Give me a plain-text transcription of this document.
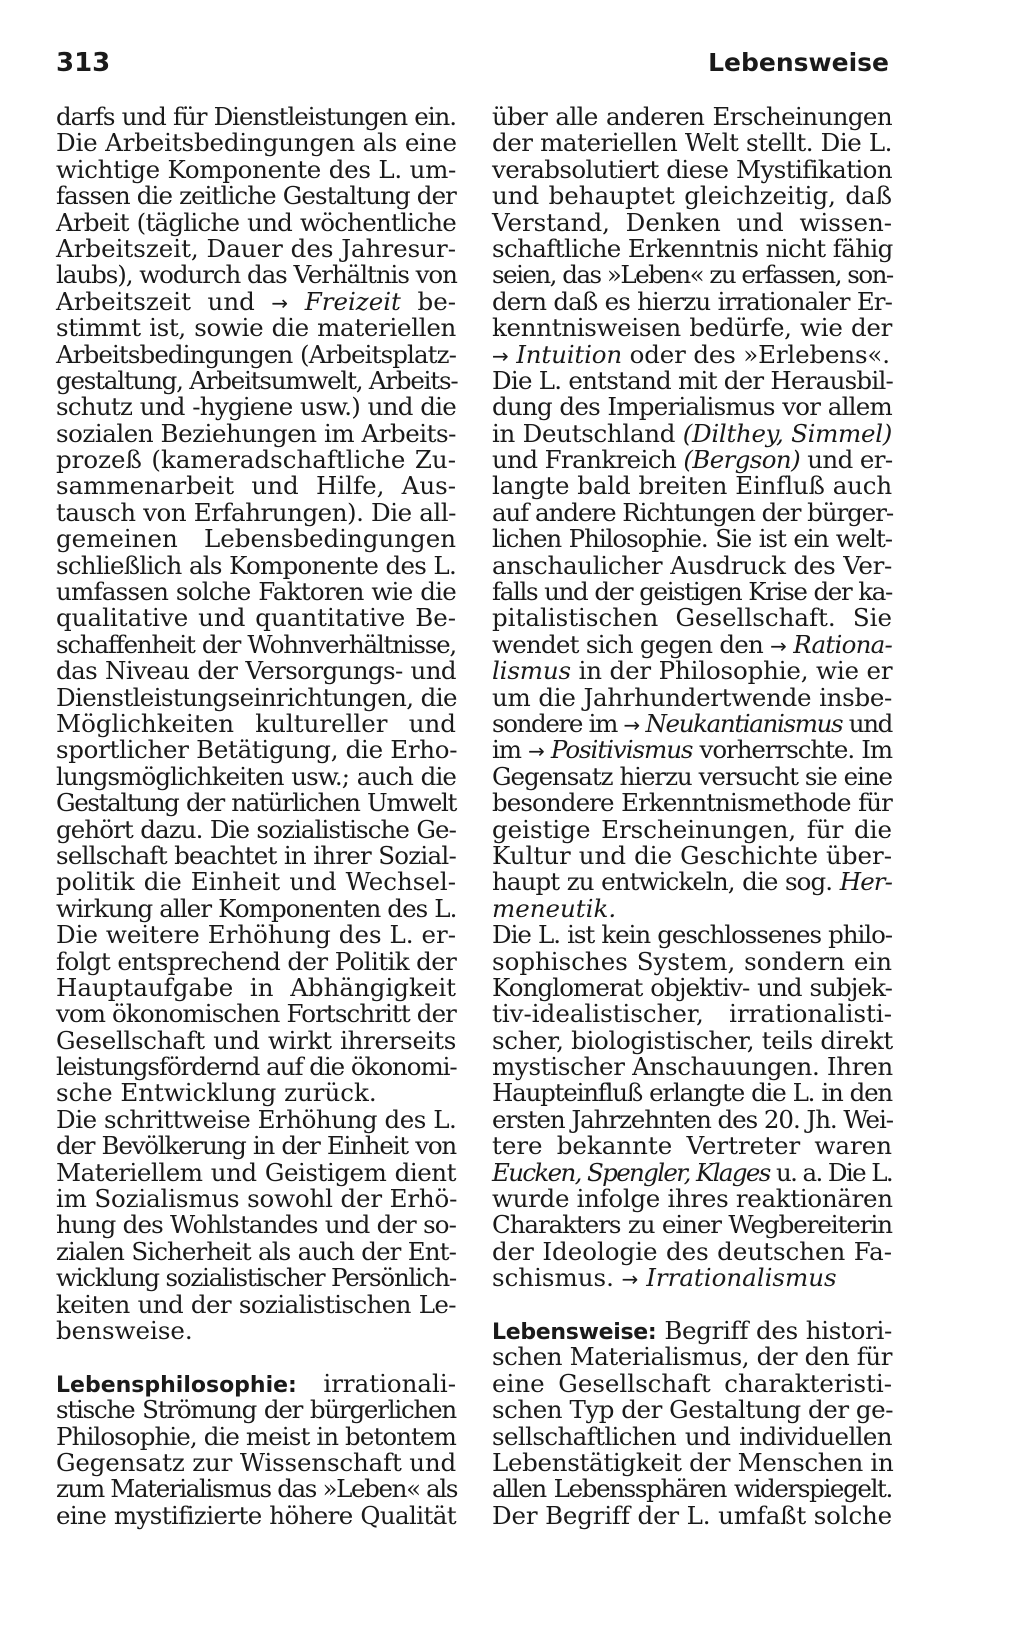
313	Lebensweise
darfs und für Dienstleistungen ein.
Die Arbeitsbedingungen als eine
wichtige Komponente des L. um-
fassen die zeitliche Gestaltung der
Arbeit (tägliche und wöchentliche
Arbeitszeit, Dauer des Jahresur-
laubs), wodurch das Verhältnis von
Arbeitszeit und → Freizeit be-
stimmt ist, sowie die materiellen
Arbeitsbedingungen (Arbeitsplatz-
gestaltung, Arbeitsumwelt, Arbeits-
schutz und -hygiene usw.) und die
sozialen Beziehungen im Arbeits-
prozeß (kameradschaftliche Zu-
sammenarbeit und Hilfe, Aus-
tausch von Erfahrungen). Die all-
gemeinen Lebensbedingungen
schließlich als Komponente des L.
umfassen solche Faktoren wie die
qualitative und quantitative Be-
schaffenheit der Wohnverhältnisse,
das Niveau der Versorgungs- und
Dienstleistungseinrichtungen, die
Möglichkeiten kultureller und
sportlicher Betätigung, die Erho-
lungsmöglichkeiten usw.; auch die
Gestaltung der natürlichen Umwelt
gehört dazu. Die sozialistische Ge-
sellschaft beachtet in ihrer Sozial-
politik die Einheit und Wechsel-
wirkung aller Komponenten des L.
Die weitere Erhöhung des L. er-
folgt entsprechend der Politik der
Hauptaufgabe in Abhängigkeit
vom ökonomischen Fortschritt der
Gesellschaft und wirkt ihrerseits
leistungsfördernd auf die ökonomi-
sche Entwicklung zurück.
Die schrittweise Erhöhung des L.
der Bevölkerung in der Einheit von
Materiellem und Geistigem dient
im Sozialismus sowohl der Erhö-
hung des Wohlstandes und der so-
zialen Sicherheit als auch der Ent-
wicklung sozialistischer Persönlich-
keiten und der sozialistischen Le-
bensweise.
Lebensphilosophie: irrationali-
stische Strömung der bürgerlichen
Philosophie, die meist in betontem
Gegensatz zur Wissenschaft und
zum Materialismus das »Leben« als
eine mystifizierte höhere Qualität
über alle anderen Erscheinungen
der materiellen Welt stellt. Die L.
verabsolutiert diese Mystifikation
und behauptet gleichzeitig, daß
Verstand, Denken und wissen-
schaftliche Erkenntnis nicht fähig
seien, das »Leben« zu erfassen, son-
dern daß es hierzu irrationaler Er-
kenntnisweisen bedürfe, wie der
→ Intuition oder des »Erlebens«.
Die L. entstand mit der Herausbil-
dung des Imperialismus vor allem
in Deutschland (Dilthey, Simmel)
und Frankreich (Bergson) und er-
langte bald breiten Einfluß auch
auf andere Richtungen der bürger-
lichen Philosophie. Sie ist ein welt-
anschaulicher Ausdruck des Ver-
falls und der geistigen Krise der ka-
pitalistischen Gesellschaft. Sie
wendet sich gegen den → Rationa-
lismus in der Philosophie, wie er
um die Jahrhundertwende insbe-
sondere im → Neukantianismus und
im → Positivismus vorherrschte. Im
Gegensatz hierzu versucht sie eine
besondere Erkenntnismethode für
geistige Erscheinungen, für die
Kultur und die Geschichte über-
haupt zu entwickeln, die sog. Her-
meneutik.
Die L. ist kein geschlossenes philo-
sophisches System, sondern ein
Konglomerat objektiv- und subjek-
tiv-idealistischer, irrationalisti-
scher, biologistischer, teils direkt
mystischer Anschauungen. Ihren
Haupteinfluß erlangte die L. in den
ersten Jahrzehnten des 20. Jh. Wei-
tere bekannte Vertreter waren
Eucken, Spengler, Klages u. a. Die L.
wurde infolge ihres reaktionären
Charakters zu einer Wegbereiterin
der Ideologie des deutschen Fa-
schismus. → Irrationalismus
Lebensweise: Begriff des histori-
schen Materialismus, der den für
eine Gesellschaft charakteristi-
schen Typ der Gestaltung der ge-
sellschaftlichen und individuellen
Lebenstätigkeit der Menschen in
allen Lebenssphären widerspiegelt.
Der Begriff der L. umfaßt solche
